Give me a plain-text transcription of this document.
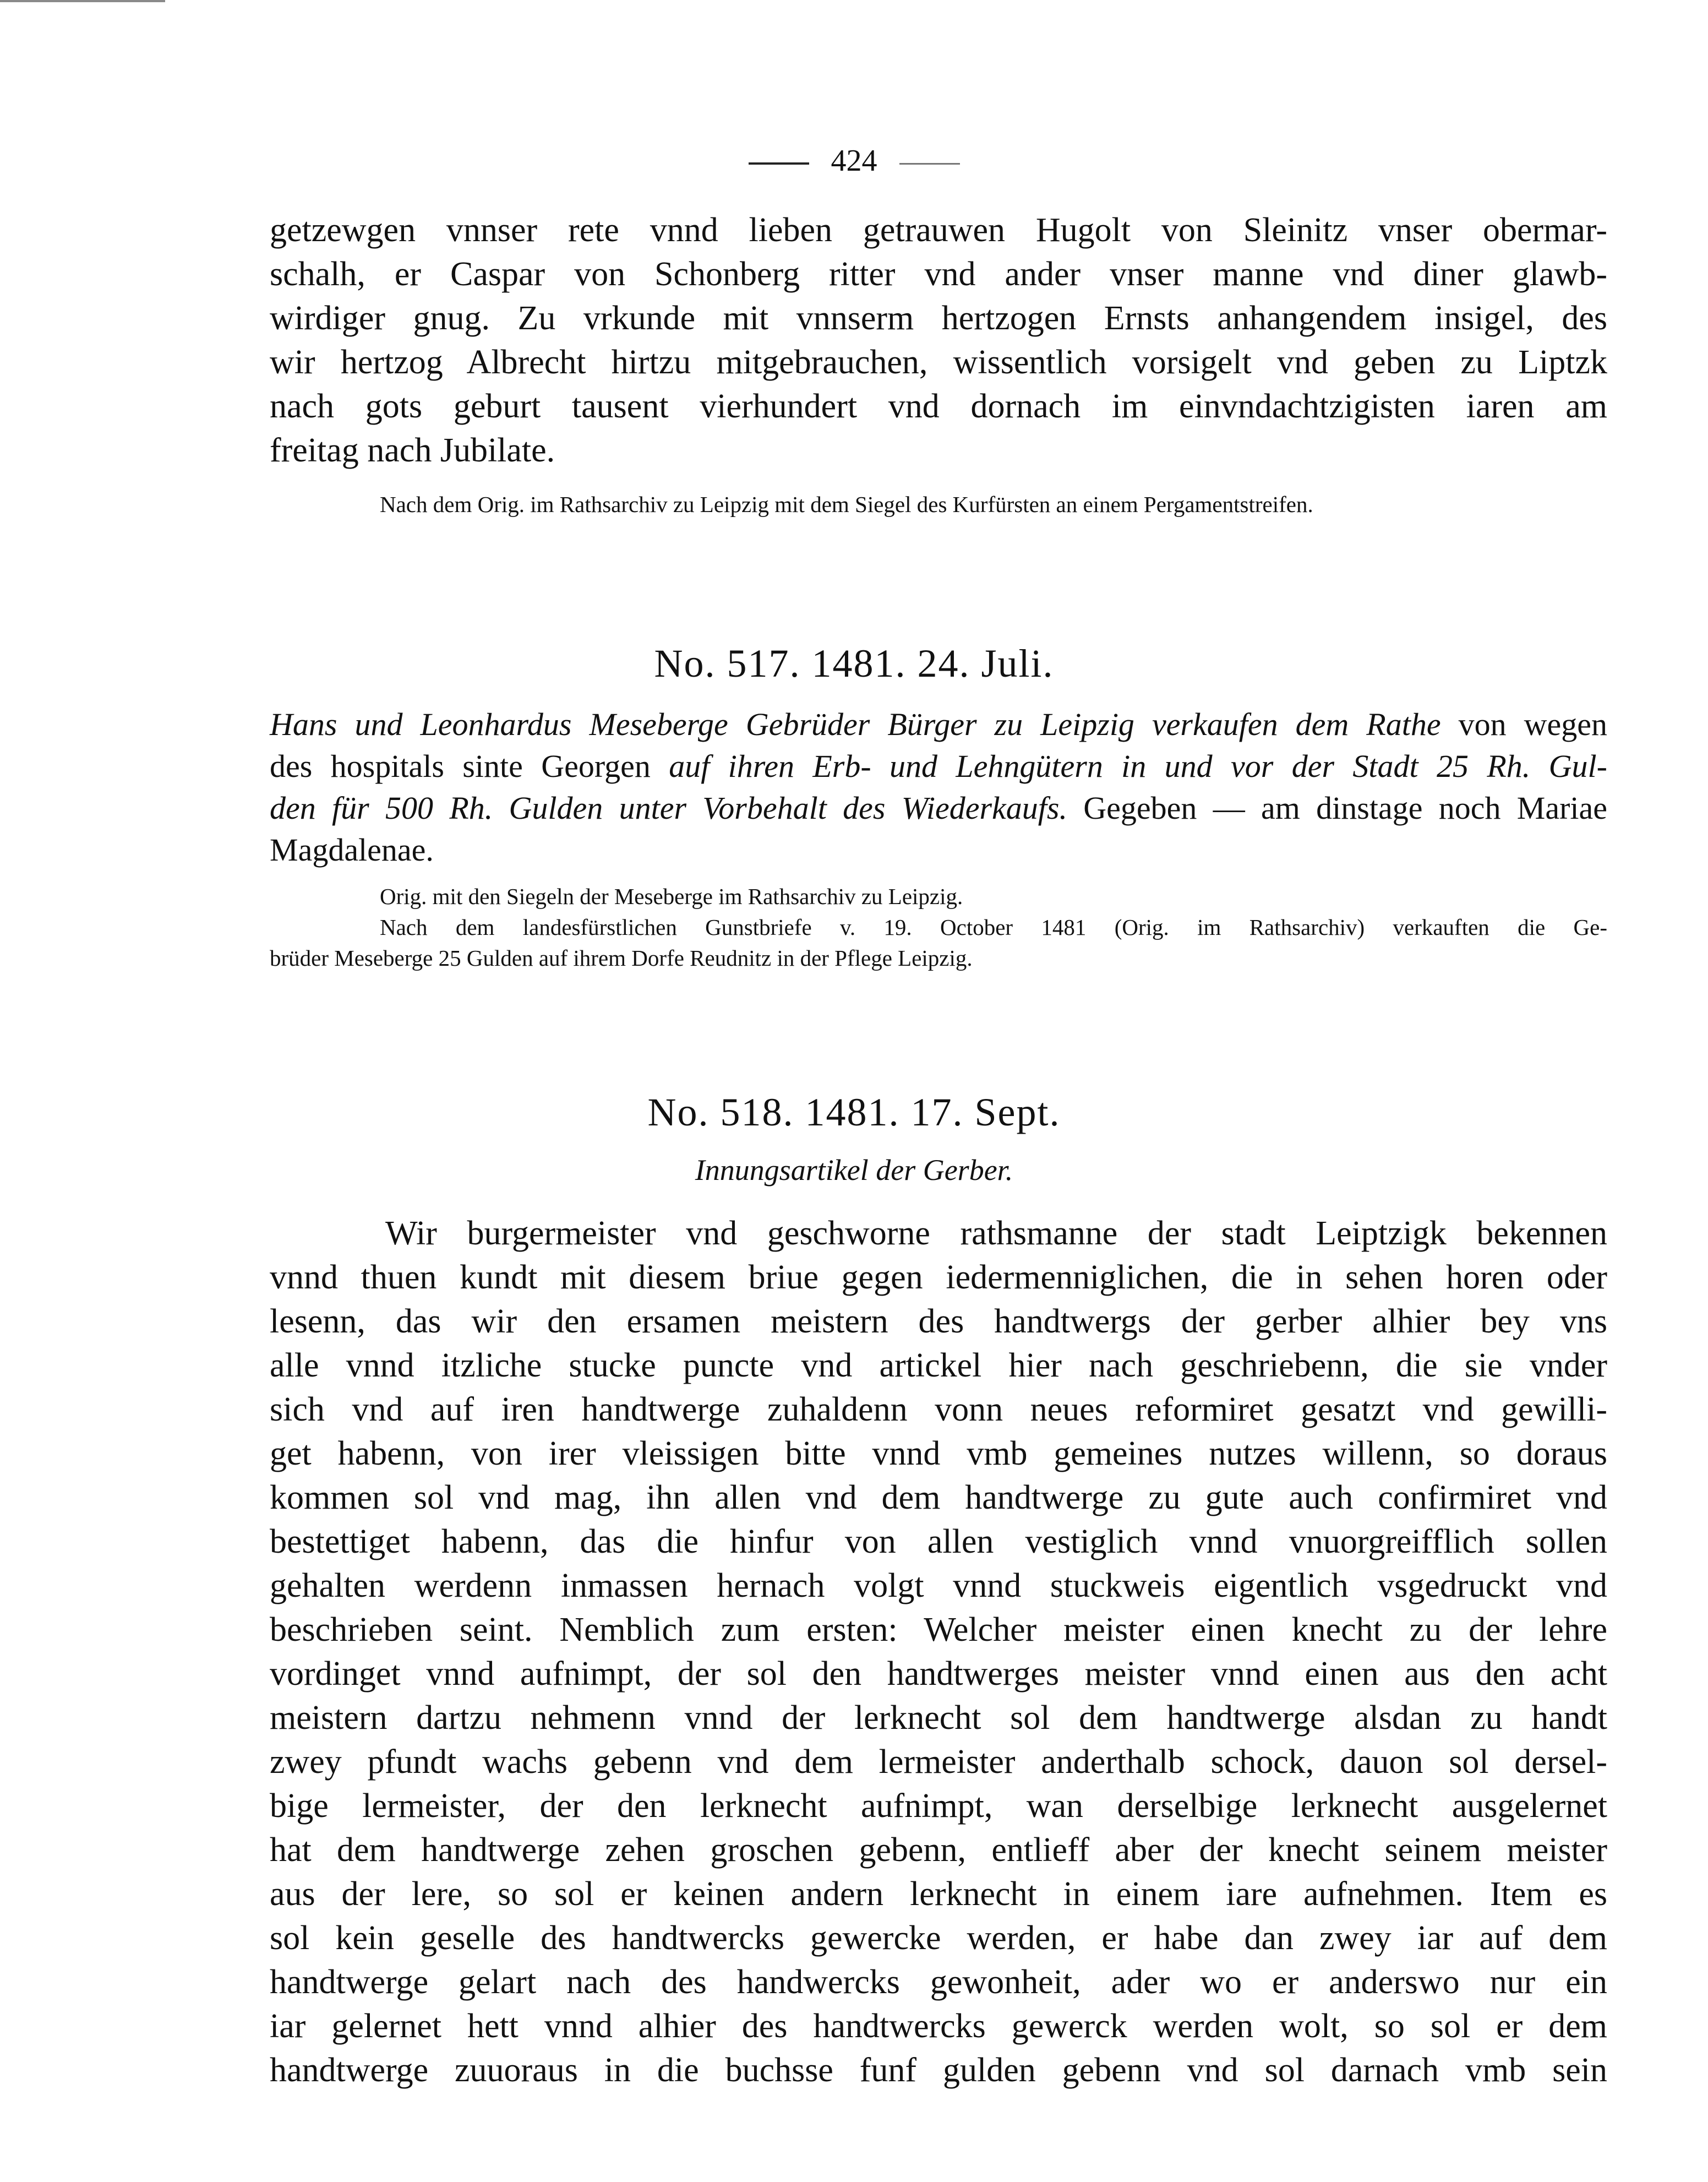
424
getzewgen vnnser rete vnnd lieben getrauwen Hugolt von Sleinitz vnser obermar-
schalh, er Caspar von Schonberg ritter vnd ander vnser manne vnd diner glawb-
wirdiger gnug. Zu vrkunde mit vnnserm hertzogen Ernsts anhangendem insigel, des
wir hertzog Albrecht hirtzu mitgebrauchen, wissentlich vorsigelt vnd geben zu Liptzk
nach gots geburt tausent vierhundert vnd dornach im einvndachtzigisten iaren am
freitag nach Jubilate.
Nach dem Orig. im Rathsarchiv zu Leipzig mit dem Siegel des Kurfürsten an einem Pergamentstreifen.
No. 517. 1481. 24. Juli.
Hans und Leonhardus Meseberge Gebrüder Bürger zu Leipzig verkaufen dem Rathe von wegen
des hospitals sinte Georgen auf ihren Erb- und Lehngütern in und vor der Stadt 25 Rh. Gul-
den für 500 Rh. Gulden unter Vorbehalt des Wiederkaufs. Gegeben — am dinstage noch Mariae
Magdalenae.
Orig. mit den Siegeln der Meseberge im Rathsarchiv zu Leipzig.
Nach dem landesfürstlichen Gunstbriefe v. 19. October 1481 (Orig. im Rathsarchiv) verkauften die Ge-
brüder Meseberge 25 Gulden auf ihrem Dorfe Reudnitz in der Pflege Leipzig.
No. 518. 1481. 17. Sept.
Innungsartikel der Gerber.
Wir burgermeister vnd geschworne rathsmanne der stadt Leiptzigk bekennen
vnnd thuen kundt mit diesem briue gegen iedermenniglichen, die in sehen horen oder
lesenn, das wir den ersamen meistern des handtwergs der gerber alhier bey vns
alle vnnd itzliche stucke puncte vnd artickel hier nach geschriebenn, die sie vnder
sich vnd auf iren handtwerge zuhaldenn vonn neues reformiret gesatzt vnd gewilli-
get habenn, von irer vleissigen bitte vnnd vmb gemeines nutzes willenn, so doraus
kommen sol vnd mag, ihn allen vnd dem handtwerge zu gute auch confirmiret vnd
bestettiget habenn, das die hinfur von allen vestiglich vnnd vnuorgreifflich sollen
gehalten werdenn inmassen hernach volgt vnnd stuckweis eigentlich vsgedruckt vnd
beschrieben seint. Nemblich zum ersten: Welcher meister einen knecht zu der lehre
vordinget vnnd aufnimpt, der sol den handtwerges meister vnnd einen aus den acht
meistern dartzu nehmenn vnnd der lerknecht sol dem handtwerge alsdan zu handt
zwey pfundt wachs gebenn vnd dem lermeister anderthalb schock, dauon sol dersel-
bige lermeister, der den lerknecht aufnimpt, wan derselbige lerknecht ausgelernet
hat dem handtwerge zehen groschen gebenn, entlieff aber der knecht seinem meister
aus der lere, so sol er keinen andern lerknecht in einem iare aufnehmen. Item es
sol kein geselle des handtwercks gewercke werden, er habe dan zwey iar auf dem
handtwerge gelart nach des handwercks gewonheit, ader wo er anderswo nur ein
iar gelernet hett vnnd alhier des handtwercks gewerck werden wolt, so sol er dem
handtwerge zuuoraus in die buchsse funf gulden gebenn vnd sol darnach vmb sein
